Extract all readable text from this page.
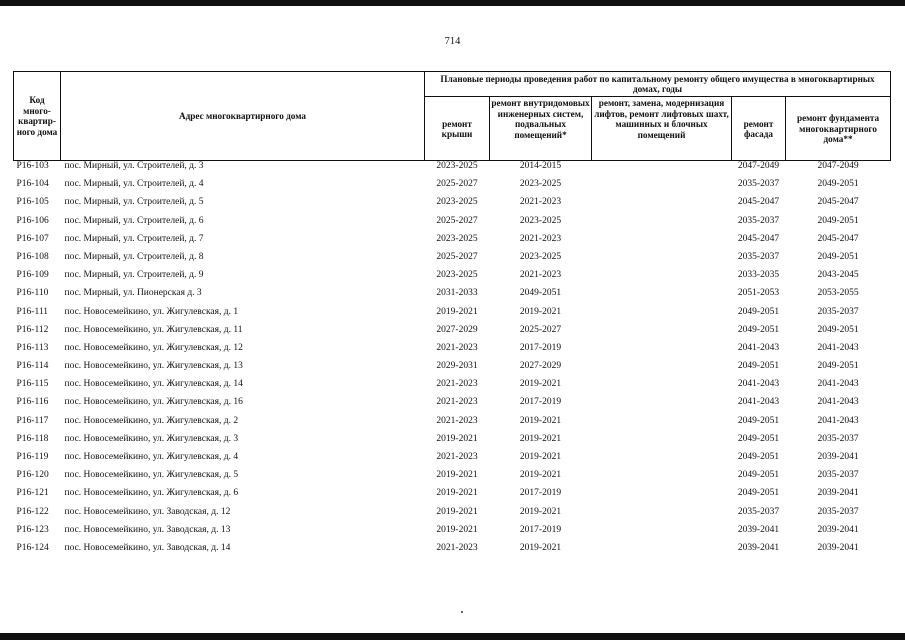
714
Код много-квартир-ного дома	Адрес многоквартирного дома	Плановые периоды проведения работ по капитальному ремонту общего имущества в многоквартирных домах, годы				
		ремонт крыши	ремонт внутридомовых инженерных систем, подвальных помещений*	ремонт, замена, модернизация лифтов, ремонт лифтовых шахт, машинных и блочных помещений	ремонт фасада	ремонт фундамента многоквартирного дома**
P16-103	пос. Мирный, ул. Строителей, д. 3	2023-2025	2014-2015		2047-2049	2047-2049
P16-104	пос. Мирный, ул. Строителей, д. 4	2025-2027	2023-2025		2035-2037	2049-2051
P16-105	пос. Мирный, ул. Строителей, д. 5	2023-2025	2021-2023		2045-2047	2045-2047
P16-106	пос. Мирный, ул. Строителей, д. 6	2025-2027	2023-2025		2035-2037	2049-2051
P16-107	пос. Мирный, ул. Строителей, д. 7	2023-2025	2021-2023		2045-2047	2045-2047
P16-108	пос. Мирный, ул. Строителей, д. 8	2025-2027	2023-2025		2035-2037	2049-2051
P16-109	пос. Мирный, ул. Строителей, д. 9	2023-2025	2021-2023		2033-2035	2043-2045
P16-110	пос. Мирный, ул. Пионерская д. 3	2031-2033	2049-2051		2051-2053	2053-2055
P16-111	пос. Новосемейкино, ул. Жигулевская, д. 1	2019-2021	2019-2021		2049-2051	2035-2037
P16-112	пос. Новосемейкино, ул. Жигулевская, д. 11	2027-2029	2025-2027		2049-2051	2049-2051
P16-113	пос. Новосемейкино, ул. Жигулевская, д. 12	2021-2023	2017-2019		2041-2043	2041-2043
P16-114	пос. Новосемейкино, ул. Жигулевская, д. 13	2029-2031	2027-2029		2049-2051	2049-2051
P16-115	пос. Новосемейкино, ул. Жигулевская, д. 14	2021-2023	2019-2021		2041-2043	2041-2043
P16-116	пос. Новосемейкино, ул. Жигулевская, д. 16	2021-2023	2017-2019		2041-2043	2041-2043
P16-117	пос. Новосемейкино, ул. Жигулевская, д. 2	2021-2023	2019-2021		2049-2051	2041-2043
P16-118	пос. Новосемейкино, ул. Жигулевская, д. 3	2019-2021	2019-2021		2049-2051	2035-2037
P16-119	пос. Новосемейкино, ул. Жигулевская, д. 4	2021-2023	2019-2021		2049-2051	2039-2041
P16-120	пос. Новосемейкино, ул. Жигулевская, д. 5	2019-2021	2019-2021		2049-2051	2035-2037
P16-121	пос. Новосемейкино, ул. Жигулевская, д. 6	2019-2021	2017-2019		2049-2051	2039-2041
P16-122	пос. Новосемейкино, ул. Заводская, д. 12	2019-2021	2019-2021		2035-2037	2035-2037
P16-123	пос. Новосемейкино, ул. Заводская, д. 13	2019-2021	2017-2019		2039-2041	2039-2041
P16-124	пос. Новосемейкино, ул. Заводская, д. 14	2021-2023	2019-2021		2039-2041	2039-2041
